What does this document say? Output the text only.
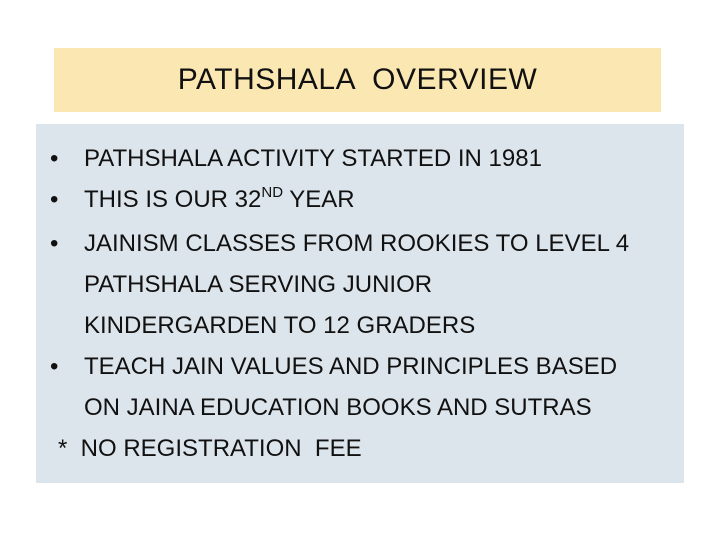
PATHSHALA  OVERVIEW
•	PATHSHALA ACTIVITY STARTED IN 1981
•	THIS IS OUR 32ND YEAR
•	JAINISM CLASSES FROM ROOKIES TO LEVEL 4
PATHSHALA SERVING JUNIOR
KINDERGARDEN TO 12 GRADERS
•	TEACH JAIN VALUES AND PRINCIPLES BASED
ON JAINA EDUCATION BOOKS AND SUTRAS
*  NO REGISTRATION  FEE
